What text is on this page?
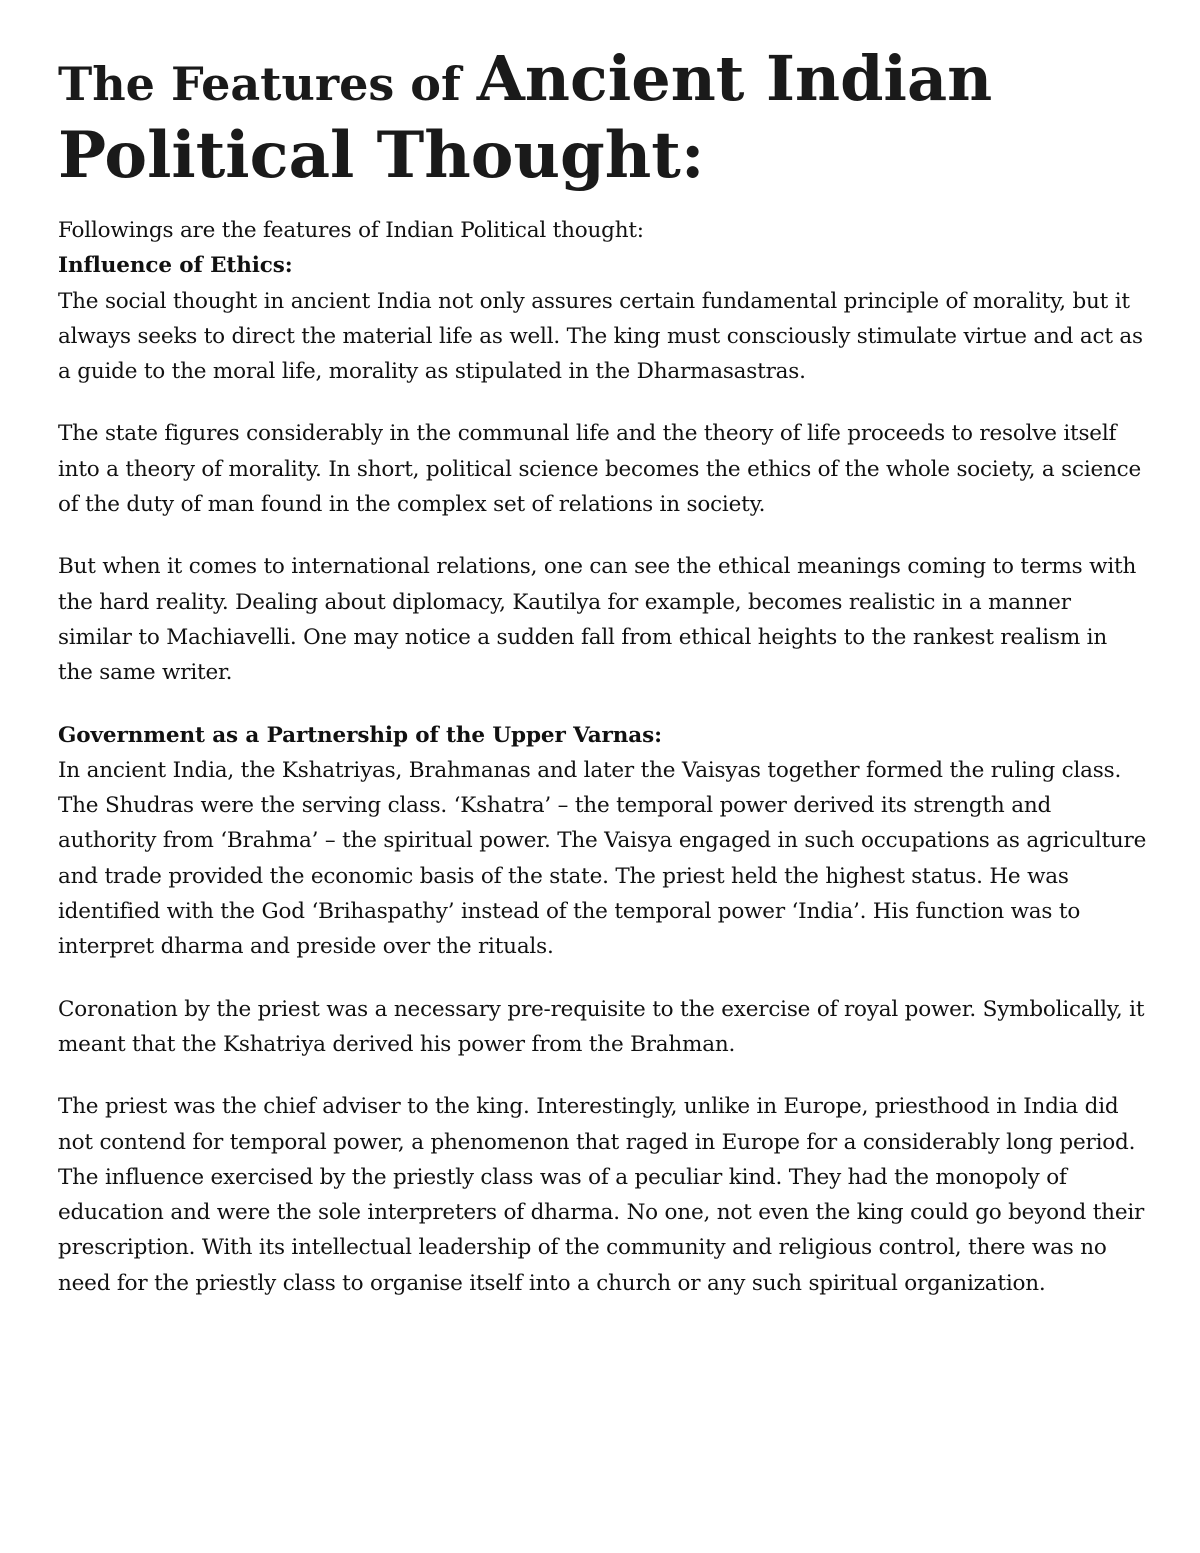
The Features of Ancient Indian
Political Thought:

Followings are the features of Indian Political thought:

Influence of Ethics:

The social thought in ancient India not only assures certain fundamental principle of morality, but it always seeks to direct the material life as well. The king must consciously stimulate virtue and act as a guide to the moral life, morality as stipulated in the Dharmasastras.

The state figures considerably in the communal life and the theory of life proceeds to resolve itself into a theory of morality. In short, political science becomes the ethics of the whole society, a science of the duty of man found in the complex set of relations in society.

But when it comes to international relations, one can see the ethical meanings coming to terms with the hard reality. Dealing about diplomacy, Kautilya for example, becomes realistic in a manner similar to Machiavelli. One may notice a sudden fall from ethical heights to the rankest realism in the same writer.

Government as a Partnership of the Upper Varnas:

In ancient India, the Kshatriyas, Brahmanas and later the Vaisyas together formed the ruling class. The Shudras were the serving class. ‘Kshatra’ – the temporal power derived its strength and authority from ‘Brahma’ – the spiritual power. The Vaisya engaged in such occupations as agriculture and trade provided the economic basis of the state. The priest held the highest status. He was identified with the God ‘Brihaspathy’ instead of the temporal power ‘India’. His function was to interpret dharma and preside over the rituals.

Coronation by the priest was a necessary pre-requisite to the exercise of royal power. Symbolically, it meant that the Kshatriya derived his power from the Brahman.

The priest was the chief adviser to the king. Interestingly, unlike in Europe, priesthood in India did not contend for temporal power, a phenomenon that raged in Europe for a considerably long period. The influence exercised by the priestly class was of a peculiar kind. They had the monopoly of education and were the sole interpreters of dharma. No one, not even the king could go beyond their prescription. With its intellectual leadership of the community and religious control, there was no need for the priestly class to organise itself into a church or any such spiritual organization.
